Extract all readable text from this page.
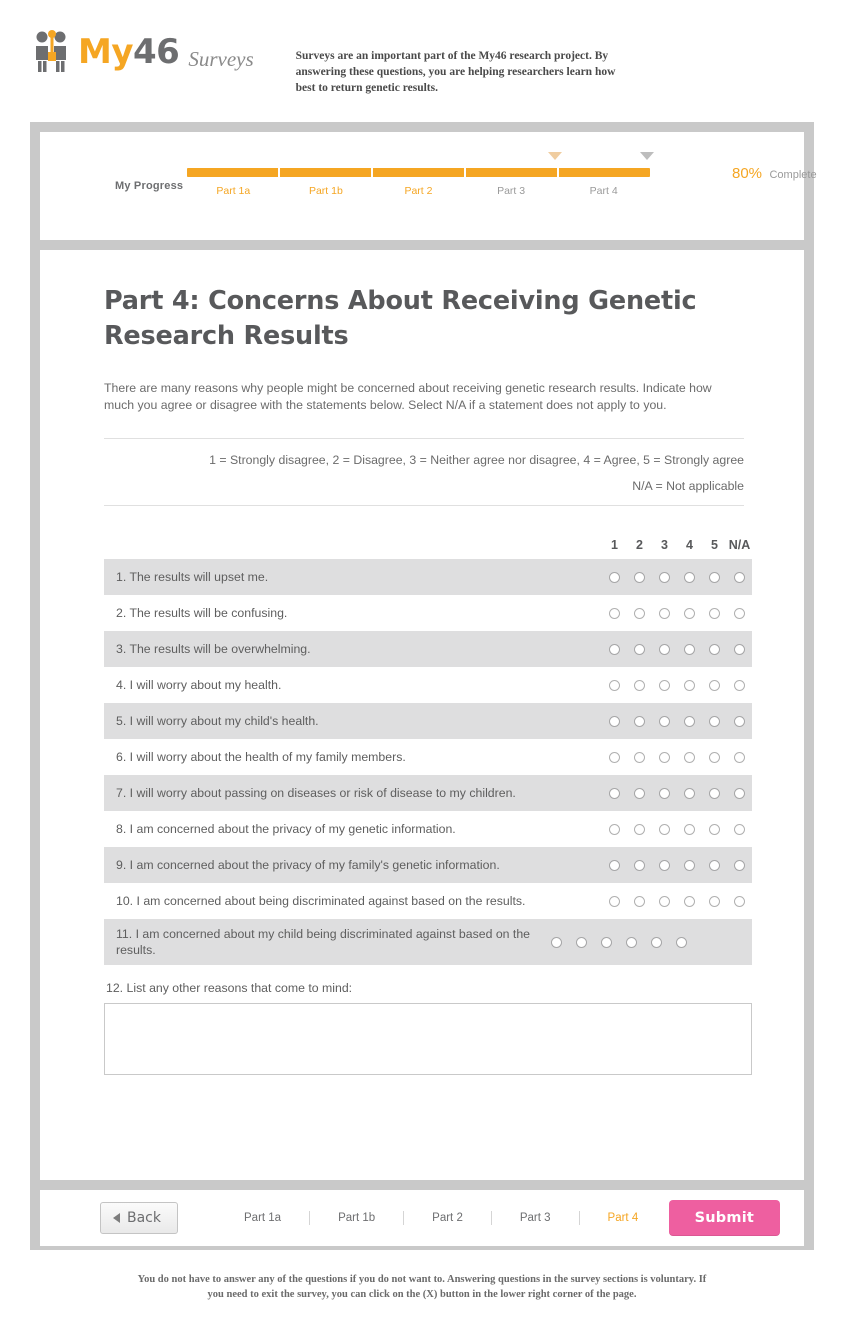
My46 Surveys	Surveys are an important part of the My46 research project. By answering these questions, you are helping researchers learn how best to return genetic results.
My Progress	Part 1a	Part 1b	Part 2	Part 3	Part 4
80% Complete
Part 4: Concerns About Receiving Genetic Research Results

There are many reasons why people might be concerned about receiving genetic research results. Indicate how much you agree or disagree with the statements below. Select N/A if a statement does not apply to you.

1 = Strongly disagree, 2 = Disagree, 3 = Neither agree nor disagree, 4 = Agree, 5 = Strongly agree
N/A = Not applicable
1	2	3	4	5 N/A
1. The results will upset me.
2. The results will be confusing.
3. The results will be overwhelming.
4. I will worry about my health.
5. I will worry about my child's health.
6. I will worry about the health of my family members.
7. I will worry about passing on diseases or risk of disease to my children.
8. I am concerned about the privacy of my genetic information.
9. I am concerned about the privacy of my family's genetic information.
10. I am concerned about being discriminated against based on the results.
11. I am concerned about my child being discriminated against based on the results.
12. List any other reasons that come to mind:
Back	Part 1a	Part 1b	Part 2	Part 3	Part 4	Submit

You do not have to answer any of the questions if you do not want to. Answering questions in the survey sections is voluntary. If you need to exit the survey, you can click on the (X) button in the lower right corner of the page.
